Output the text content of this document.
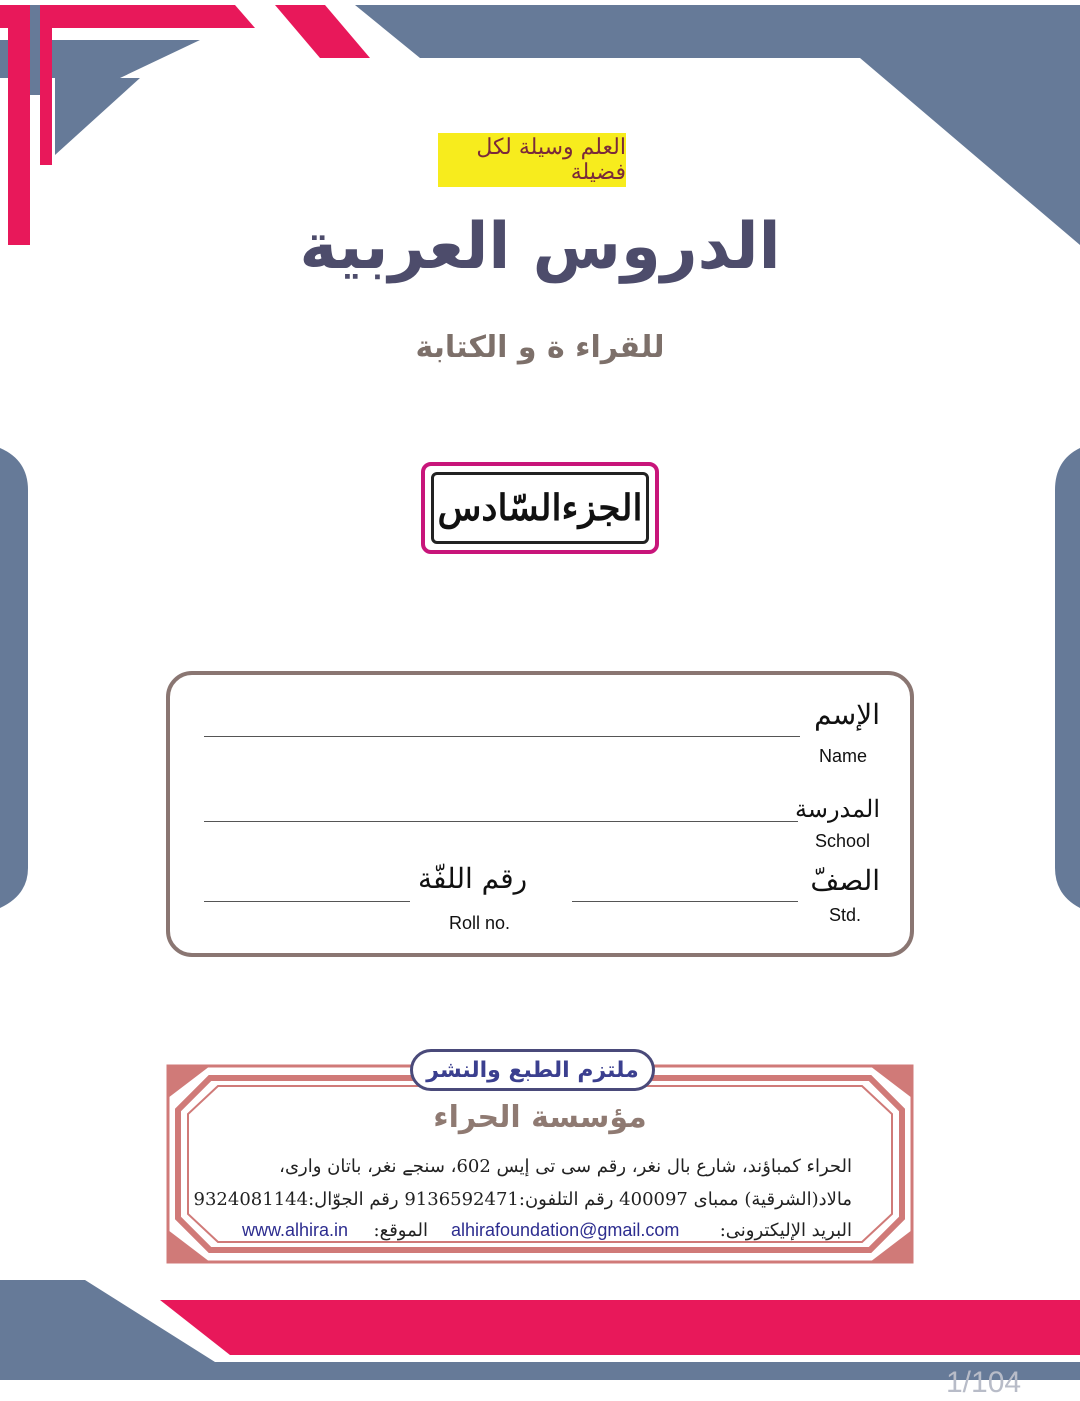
العلم وسيلة لكل فضيلة
الدروس العربية
للقراء ة و الكتابة
الجزءالسّادس
الإسم
Name
المدرسة
School
الصفّ
Std.
رقم اللفّة
Roll no.
ملتزم الطبع والنشر
مؤسسة الحراء
الحراء كمباؤند، شارع بال نغر، رقم سى تى إيس 602، سنجے نغر، باتان وارى،
مالاد(الشرقية) ممباى 400097 رقم التلفون:9136592471 رقم الجوّال:9324081144
البريد الإليكترونى:
alhirafoundation@gmail.com
الموقع:
www.alhira.in
1/104
